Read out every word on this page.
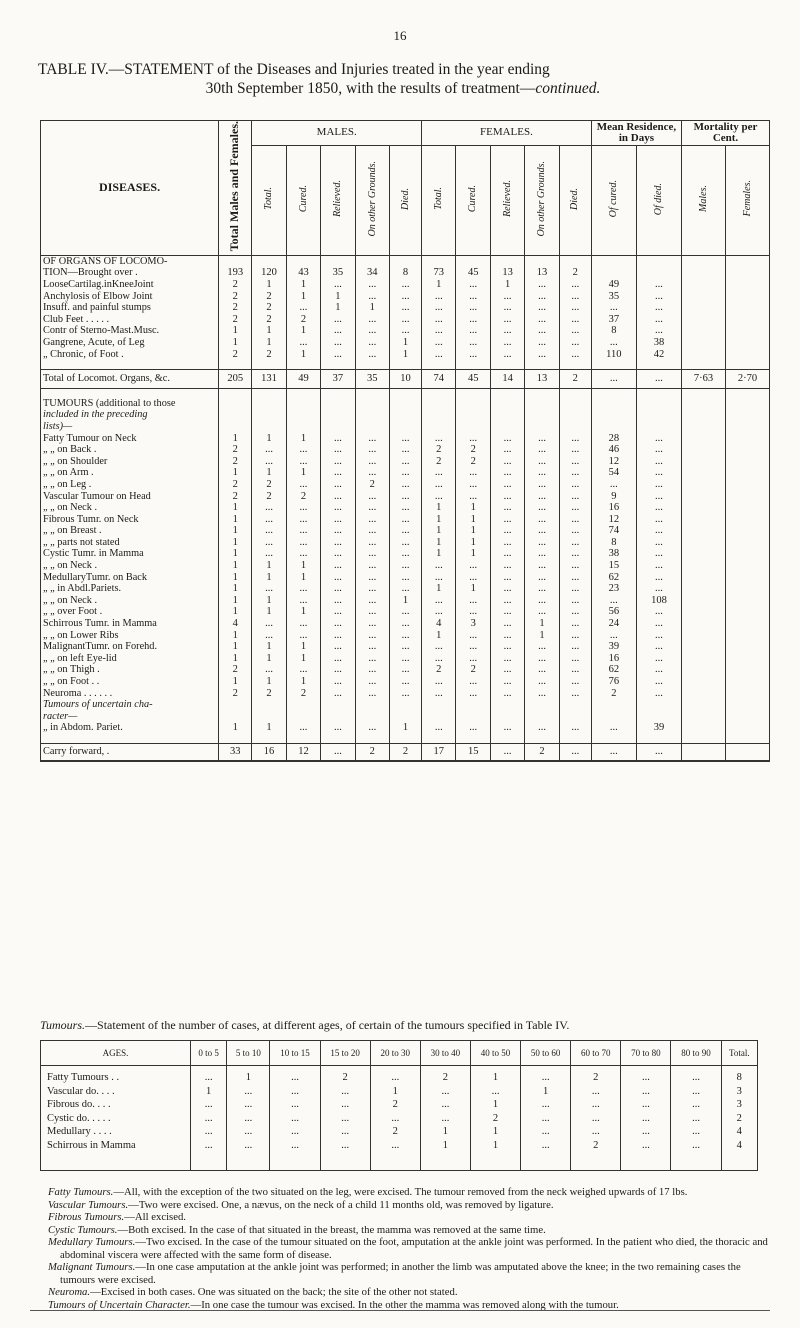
16
TABLE IV.—STATEMENT of the Diseases and Injuries treated in the year ending
30th September 1850, with the results of treatment—continued.
DISEASES.	Total Males and Females.	MALES.					FEMALES.					Mean Residence, in Days		Mortality per Cent.	
		Total.	Cured.	Relieved.	On other Grounds.	Died.	Total.	Cured.	Relieved.	On other Grounds.	Died.	Of cured.	Of died.	Males.	Females.
OF ORGANS OF LOCOMO-															
TION—Brought over .	193	120	43	35	34	8	73	45	13	13	2				
LooseCartilag.inKneeJoint	2	1	1	...	...	...	1	...	1	...	...	49	...		
Anchylosis of Elbow Joint	2	2	1	1	...	...	...	...	...	...	...	35	...		
Insuff. and painful stumps	2	2	...	1	1	...	...	...	...	...	...	...	...		
Club Feet . . . . .	2	2	2	...	...	...	...	...	...	...	...	37	...		
Contr of Sterno-Mast.Musc.	1	1	1	...	...	...	...	...	...	...	...	8	...		
Gangrene, Acute, of Leg	1	1	...	...	...	1	...	...	...	...	...	...	38		
„ Chronic, of Foot .	2	2	1	...	...	1	...	...	...	...	...	110	42		

Total of Locomot. Organs, &c.	205	131	49	37	35	10	74	45	14	13	2	...	...	7·63	2·70

TUMOURS (additional to those															
included in the preceding															
lists)—															
Fatty Tumour on Neck	1	1	1	...	...	...	...	...	...	...	...	28	...		
„ „ on Back .	2	...	...	...	...	...	2	2	...	...	...	46	...		
„ „ on Shoulder	2	...	...	...	...	...	2	2	...	...	...	12	...		
„ „ on Arm .	1	1	1	...	...	...	...	...	...	...	...	54	...		
„ „ on Leg .	2	2	...	...	2	...	...	...	...	...	...	...	...		
Vascular Tumour on Head	2	2	2	...	...	...	...	...	...	...	...	9	...		
„ „ on Neck .	1	...	...	...	...	...	1	1	...	...	...	16	...		
Fibrous Tumr. on Neck	1	...	...	...	...	...	1	1	...	...	...	12	...		
„ „ on Breast .	1	...	...	...	...	...	1	1	...	...	...	74	...		
„ „ parts not stated	1	...	...	...	...	...	1	1	...	...	...	8	...		
Cystic Tumr. in Mamma	1	...	...	...	...	...	1	1	...	...	...	38	...		
„ „ on Neck .	1	1	1	...	...	...	...	...	...	...	...	15	...		
MedullaryTumr. on Back	1	1	1	...	...	...	...	...	...	...	...	62	...		
„ „ in Abdl.Pariets.	1	...	...	...	...	...	1	1	...	...	...	23	...		
„ „ on Neck .	1	1	...	...	...	1	...	...	...	...	...	...	108		
„ „ over Foot .	1	1	1	...	...	...	...	...	...	...	...	56	...		
Schirrous Tumr. in Mamma	4	...	...	...	...	...	4	3	...	1	...	24	...		
„ „ on Lower Ribs	1	...	...	...	...	...	1	...	...	1	...	...	...		
MalignantTumr. on Forehd.	1	1	1	...	...	...	...	...	...	...	...	39	...		
„ „ on left Eye-lid	1	1	1	...	...	...	...	...	...	...	...	16	...		
„ „ on Thigh .	2	...	...	...	...	...	2	2	...	...	...	62	...		
„ „ on Foot . .	1	1	1	...	...	...	...	...	...	...	...	76	...		
Neuroma . . . . . .	2	2	2	...	...	...	...	...	...	...	...	2	...		
Tumours of uncertain cha-															
racter—															
„ in Abdom. Pariet.	1	1	...	...	...	1	...	...	...	...	...	...	39		

Carry forward, .	33	16	12	...	2	2	17	15	...	2	...	...	...		
Tumours.—Statement of the number of cases, at different ages, of certain of the tumours specified in Table IV.
AGES.	0 to 5	5 to 10	10 to 15	15 to 20	20 to 30	30 to 40	40 to 50	50 to 60	60 to 70	70 to 80	80 to 90	Total.
Fatty Tumours . .	...	1	...	2	...	2	1	...	2	...	...	8
Vascular do. . . .	1	...	...	...	1	...	...	1	...	...	...	3
Fibrous do. . . .	...	...	...	...	2	...	1	...	...	...	...	3
Cystic do. . . . .	...	...	...	...	...	...	2	...	...	...	...	2
Medullary . . . .	...	...	...	...	2	1	1	...	...	...	...	4
Schirrous in Mamma	...	...	...	...	...	1	1	...	2	...	...	4

Fatty Tumours.—All, with the exception of the two situated on the leg, were excised. The tumour removed from the neck weighed upwards of 17 lbs.

Vascular Tumours.—Two were excised. One, a nævus, on the neck of a child 11 months old, was removed by ligature.

Fibrous Tumours.—All excised.

Cystic Tumours.—Both excised. In the case of that situated in the breast, the mamma was removed at the same time.

Medullary Tumours.—Two excised. In the case of the tumour situated on the foot, amputation at the ankle joint was performed. In the patient who died, the thoracic and abdominal viscera were affected with the same form of disease.

Malignant Tumours.—In one case amputation at the ankle joint was performed; in another the limb was amputated above the knee; in the two remaining cases the tumours were excised.

Neuroma.—Excised in both cases. One was situated on the back; the site of the other not stated.

Tumours of Uncertain Character.—In one case the tumour was excised. In the other the mamma was removed along with the tumour.
